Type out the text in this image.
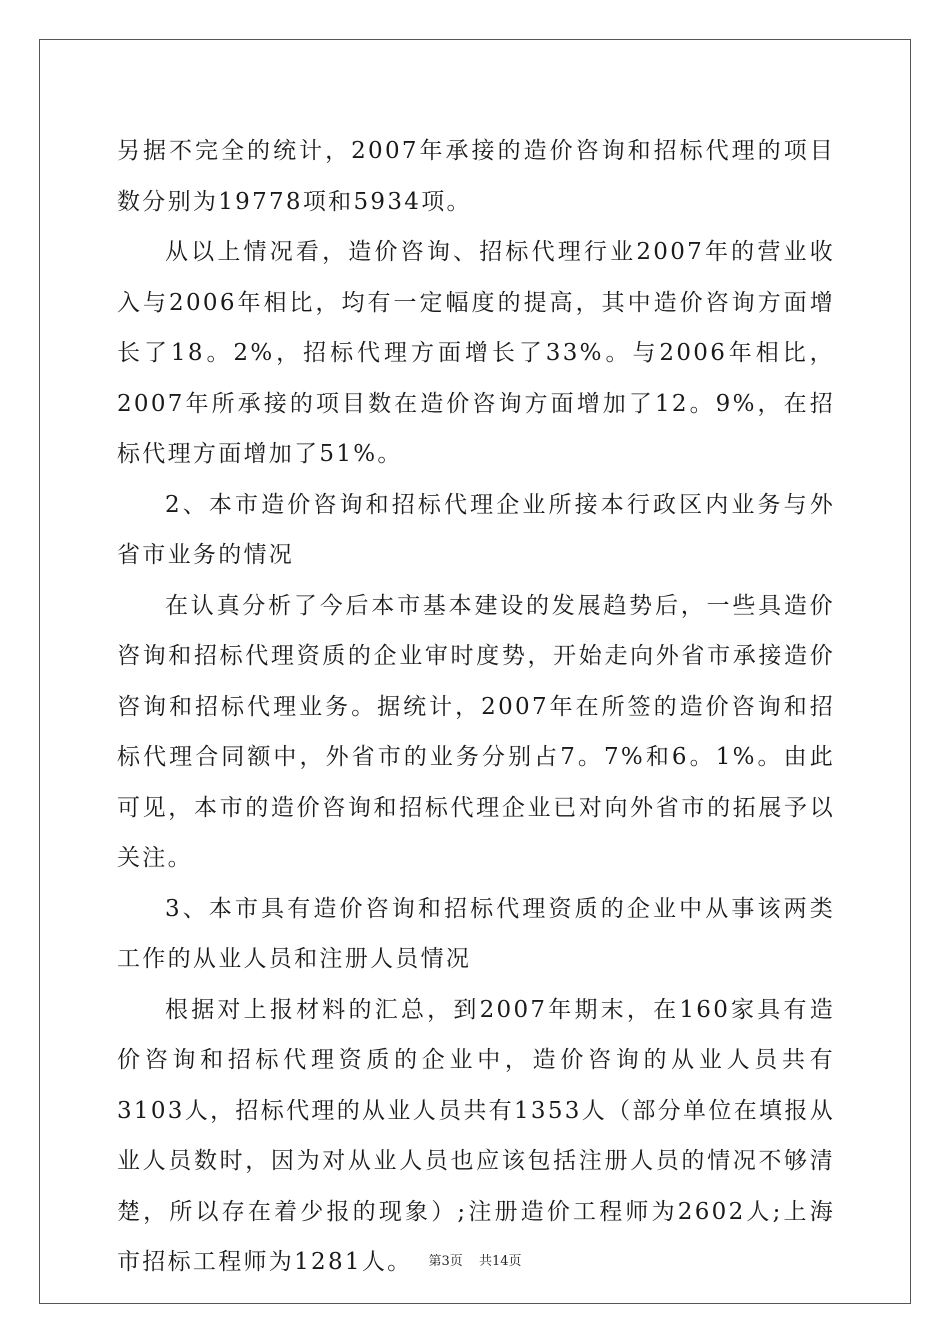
另据不完全的统计，2007年承接的造价咨询和招标代理的项目数分别为19778项和5934项。

从以上情况看，造价咨询、招标代理行业2007年的营业收入与2006年相比，均有一定幅度的提高，其中造价咨询方面增长了18。2%，招标代理方面增长了33%。与2006年相比，2007年所承接的项目数在造价咨询方面增加了12。9%，在招标代理方面增加了51%。

2、本市造价咨询和招标代理企业所接本行政区内业务与外省市业务的情况

在认真分析了今后本市基本建设的发展趋势后，一些具造价咨询和招标代理资质的企业审时度势，开始走向外省市承接造价咨询和招标代理业务。据统计，2007年在所签的造价咨询和招标代理合同额中，外省市的业务分别占7。7%和6。1%。由此可见，本市的造价咨询和招标代理企业已对向外省市的拓展予以关注。

3、本市具有造价咨询和招标代理资质的企业中从事该两类工作的从业人员和注册人员情况

根据对上报材料的汇总，到2007年期末，在160家具有造价咨询和招标代理资质的企业中，造价咨询的从业人员共有3103人，招标代理的从业人员共有1353人（部分单位在填报从业人员数时，因为对从业人员也应该包括注册人员的情况不够清楚，所以存在着少报的现象）;注册造价工程师为2602人;上海市招标工程师为1281人。	第3页 共14页
